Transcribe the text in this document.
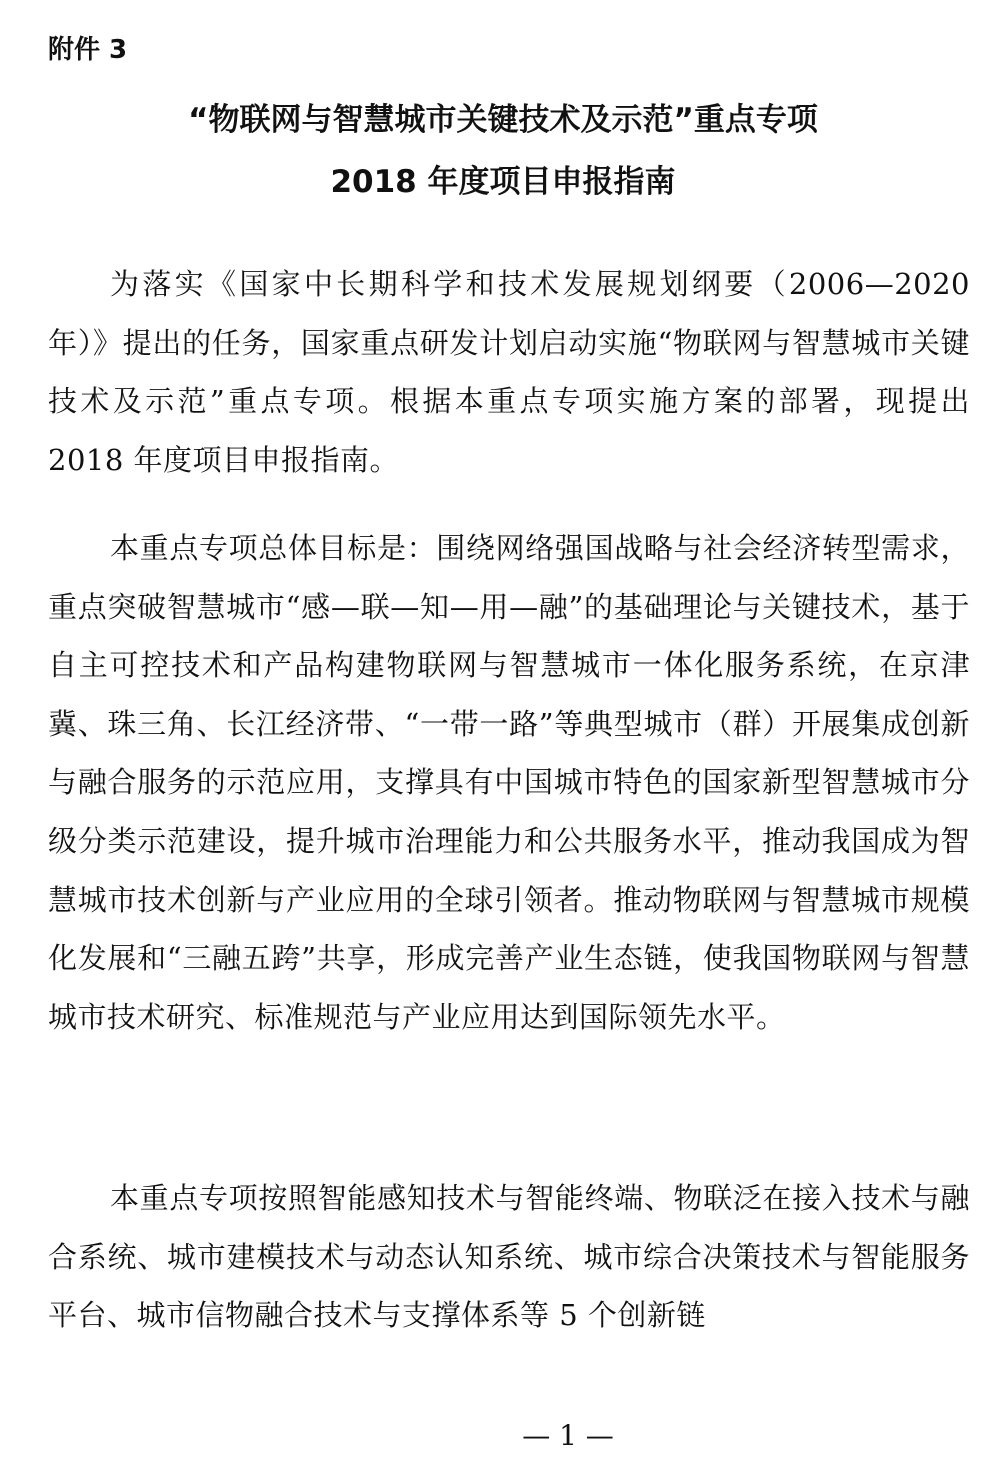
附件 3
“物联网与智慧城市关键技术及示范”重点专项
2018 年度项目申报指南

为落实《国家中长期科学和技术发展规划纲要（2006—2020 年）》提出的任务，国家重点研发计划启动实施“物联网与智慧城市关键技术及示范”重点专项。根据本重点专项实施方案的部署，现提出 2018 年度项目申报指南。

本重点专项总体目标是：围绕网络强国战略与社会经济转型需求，重点突破智慧城市“感—联—知—用—融”的基础理论与关键技术，基于自主可控技术和产品构建物联网与智慧城市一体化服务系统，在京津冀、珠三角、长江经济带、“一带一路”等典型城市（群）开展集成创新与融合服务的示范应用，支撑具有中国城市特色的国家新型智慧城市分级分类示范建设，提升城市治理能力和公共服务水平，推动我国成为智慧城市技术创新与产业应用的全球引领者。推动物联网与智慧城市规模化发展和“三融五跨”共享，形成完善产业生态链，使我国物联网与智慧城市技术研究、标准规范与产业应用达到国际领先水平。

本重点专项按照智能感知技术与智能终端、物联泛在接入技术与融合系统、城市建模技术与动态认知系统、城市综合决策技术与智能服务平台、城市信物融合技术与支撑体系等 5 个创新链

— 1 —
